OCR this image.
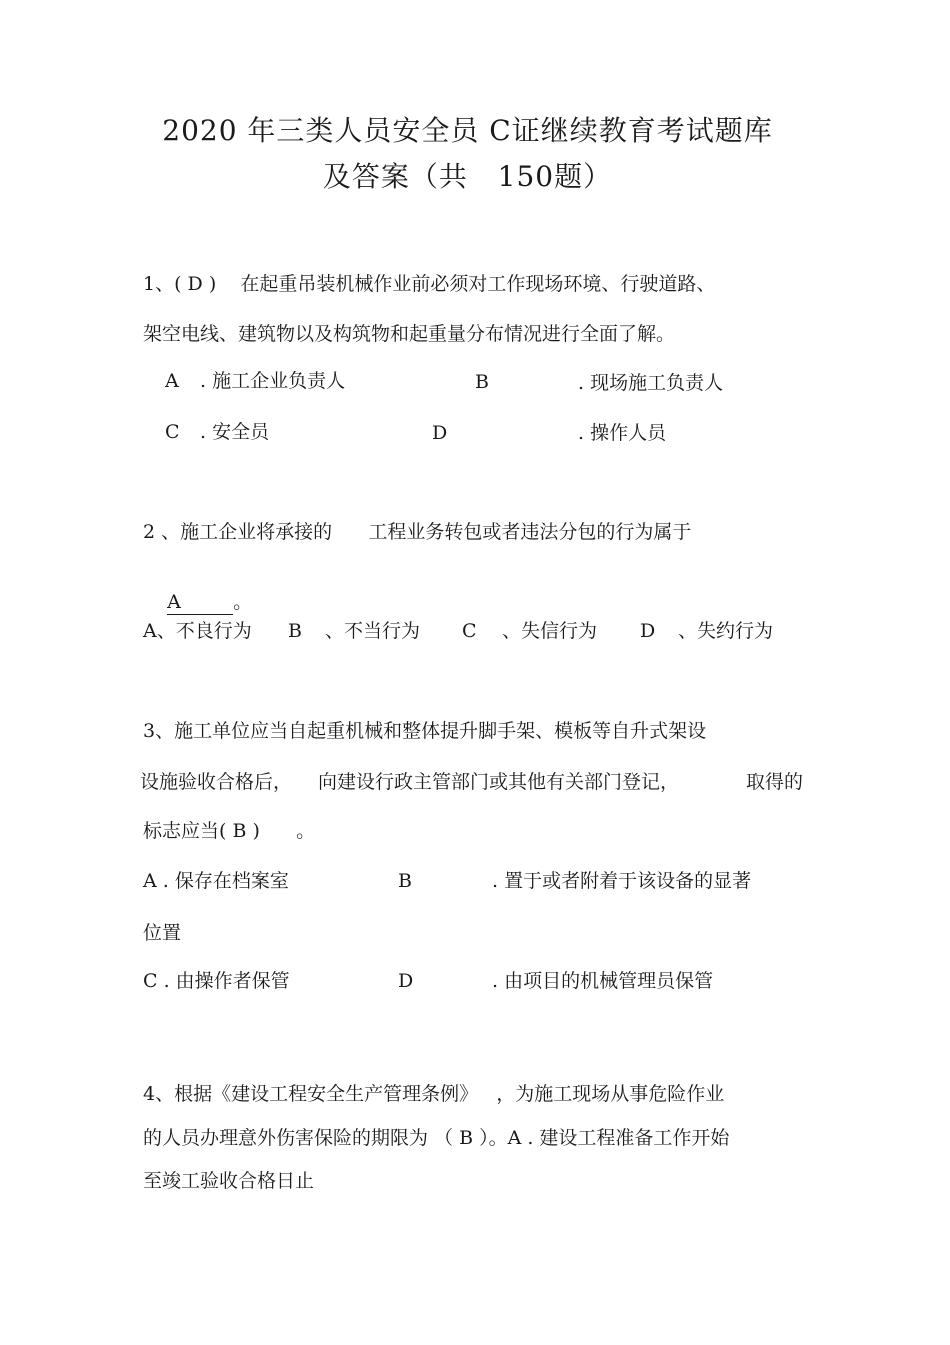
2020 年三类人员安全员 C证继续教育考试题库
及答案（共   150题）
1、( D )    在起重吊装机械作业前必须对工作现场环境、行驶道路、
架空电线、建筑物以及构筑物和起重量分布情况进行全面了解。
A . 施工企业负责人	B	. 现场施工负责人
C . 安全员	D	. 操作人员
2 、施工企业将承接的      工程业务转包或者违法分包的行为属于

A	。

A、不良行为 B 、不当行为 C 、失信行为 D 、失约行为
3、施工单位应当自起重机械和整体提升脚手架、模板等自升式架设
设施验收合格后， 向建设行政主管部门或其他有关部门登记，	取得的
标志应当( B )      。
A . 保存在档案室	B	. 置于或者附着于该设备的显著
位置
C . 由操作者保管	D	. 由项目的机械管理员保管
4、根据《建设工程安全生产管理条例》   ，为施工现场从事危险作业
的人员办理意外伤害保险的期限为 （ B ）。A . 建设工程准备工作开始
至竣工验收合格日止
